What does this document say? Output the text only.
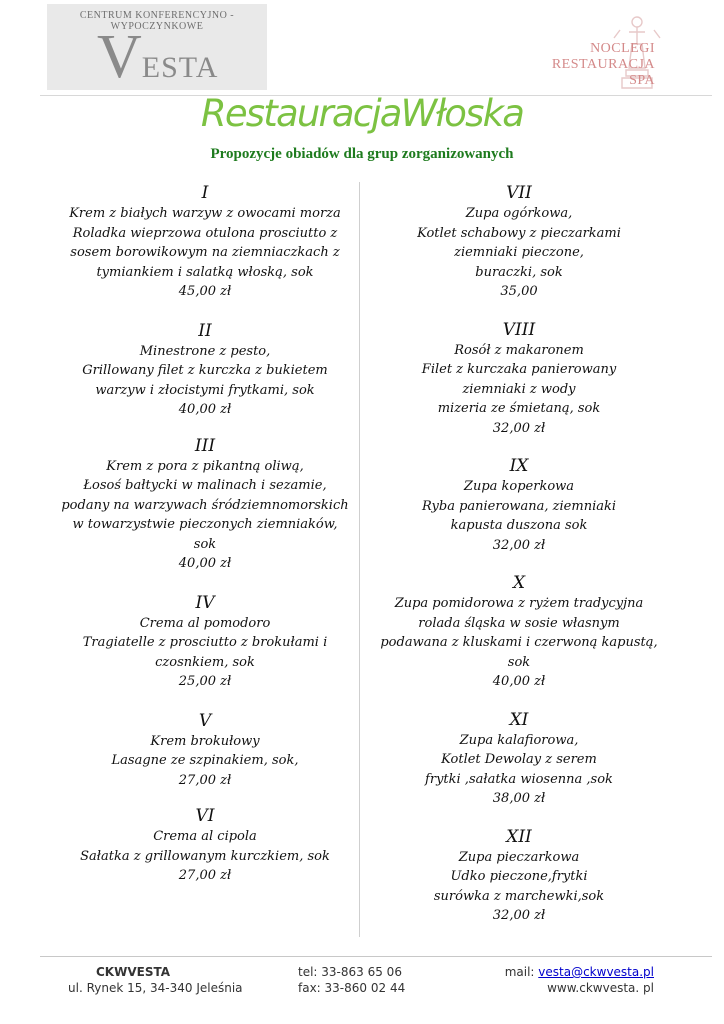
CENTRUM KONFERENCYJNO - WYPOCZYNKOWE
VESTA
NOCLEGI
RESTAURACJA
SPA
RestauracjaWłoska
Propozycje obiadów dla grup zorganizowanych
I
Krem z białych warzyw z owocami morza
Roladka wieprzowa otulona prosciutto z
sosem borowikowym na ziemniaczkach z
tymiankiem i salatką włoską, sok
45,00 zł
II
Minestrone z pesto,
Grillowany filet z kurczka z bukietem
warzyw i złocistymi frytkami, sok
40,00 zł
III
Krem z pora z pikantną oliwą,
Łosoś bałtycki w malinach i sezamie,
podany na warzywach śródziemnomorskich
w towarzystwie pieczonych ziemniaków,
sok
40,00 zł
IV
Crema al pomodoro
Tragiatelle z prosciutto z brokułami i
czosnkiem, sok
25,00 zł
V
Krem brokułowy
Lasagne ze szpinakiem, sok,
27,00 zł
VI
Crema al cipola
Sałatka z grillowanym kurczkiem, sok
27,00 zł
VII
Zupa ogórkowa,
Kotlet schabowy z pieczarkami
ziemniaki pieczone,
buraczki, sok
35,00
VIII
Rosół z makaronem
Filet z kurczaka panierowany
ziemniaki z wody
mizeria ze śmietaną, sok
32,00 zł
IX
Zupa koperkowa
Ryba panierowana, ziemniaki
kapusta duszona sok
32,00 zł
X
Zupa pomidorowa z ryżem tradycyjna
rolada śląska w sosie własnym
podawana z kluskami i czerwoną kapustą,
sok
40,00 zł
XI
Zupa kalafiorowa,
Kotlet Dewolay z serem
frytki ,sałatka wiosenna ,sok
38,00 zł
XII
Zupa pieczarkowa
Udko pieczone,frytki
surówka z marchewki,sok
32,00 zł
CKWVESTA
ul. Rynek 15, 34-340 Jeleśnia
tel: 33-863 65 06
fax: 33-860 02 44
mail: vesta@ckwvesta.pl
www.ckwvesta. pl
